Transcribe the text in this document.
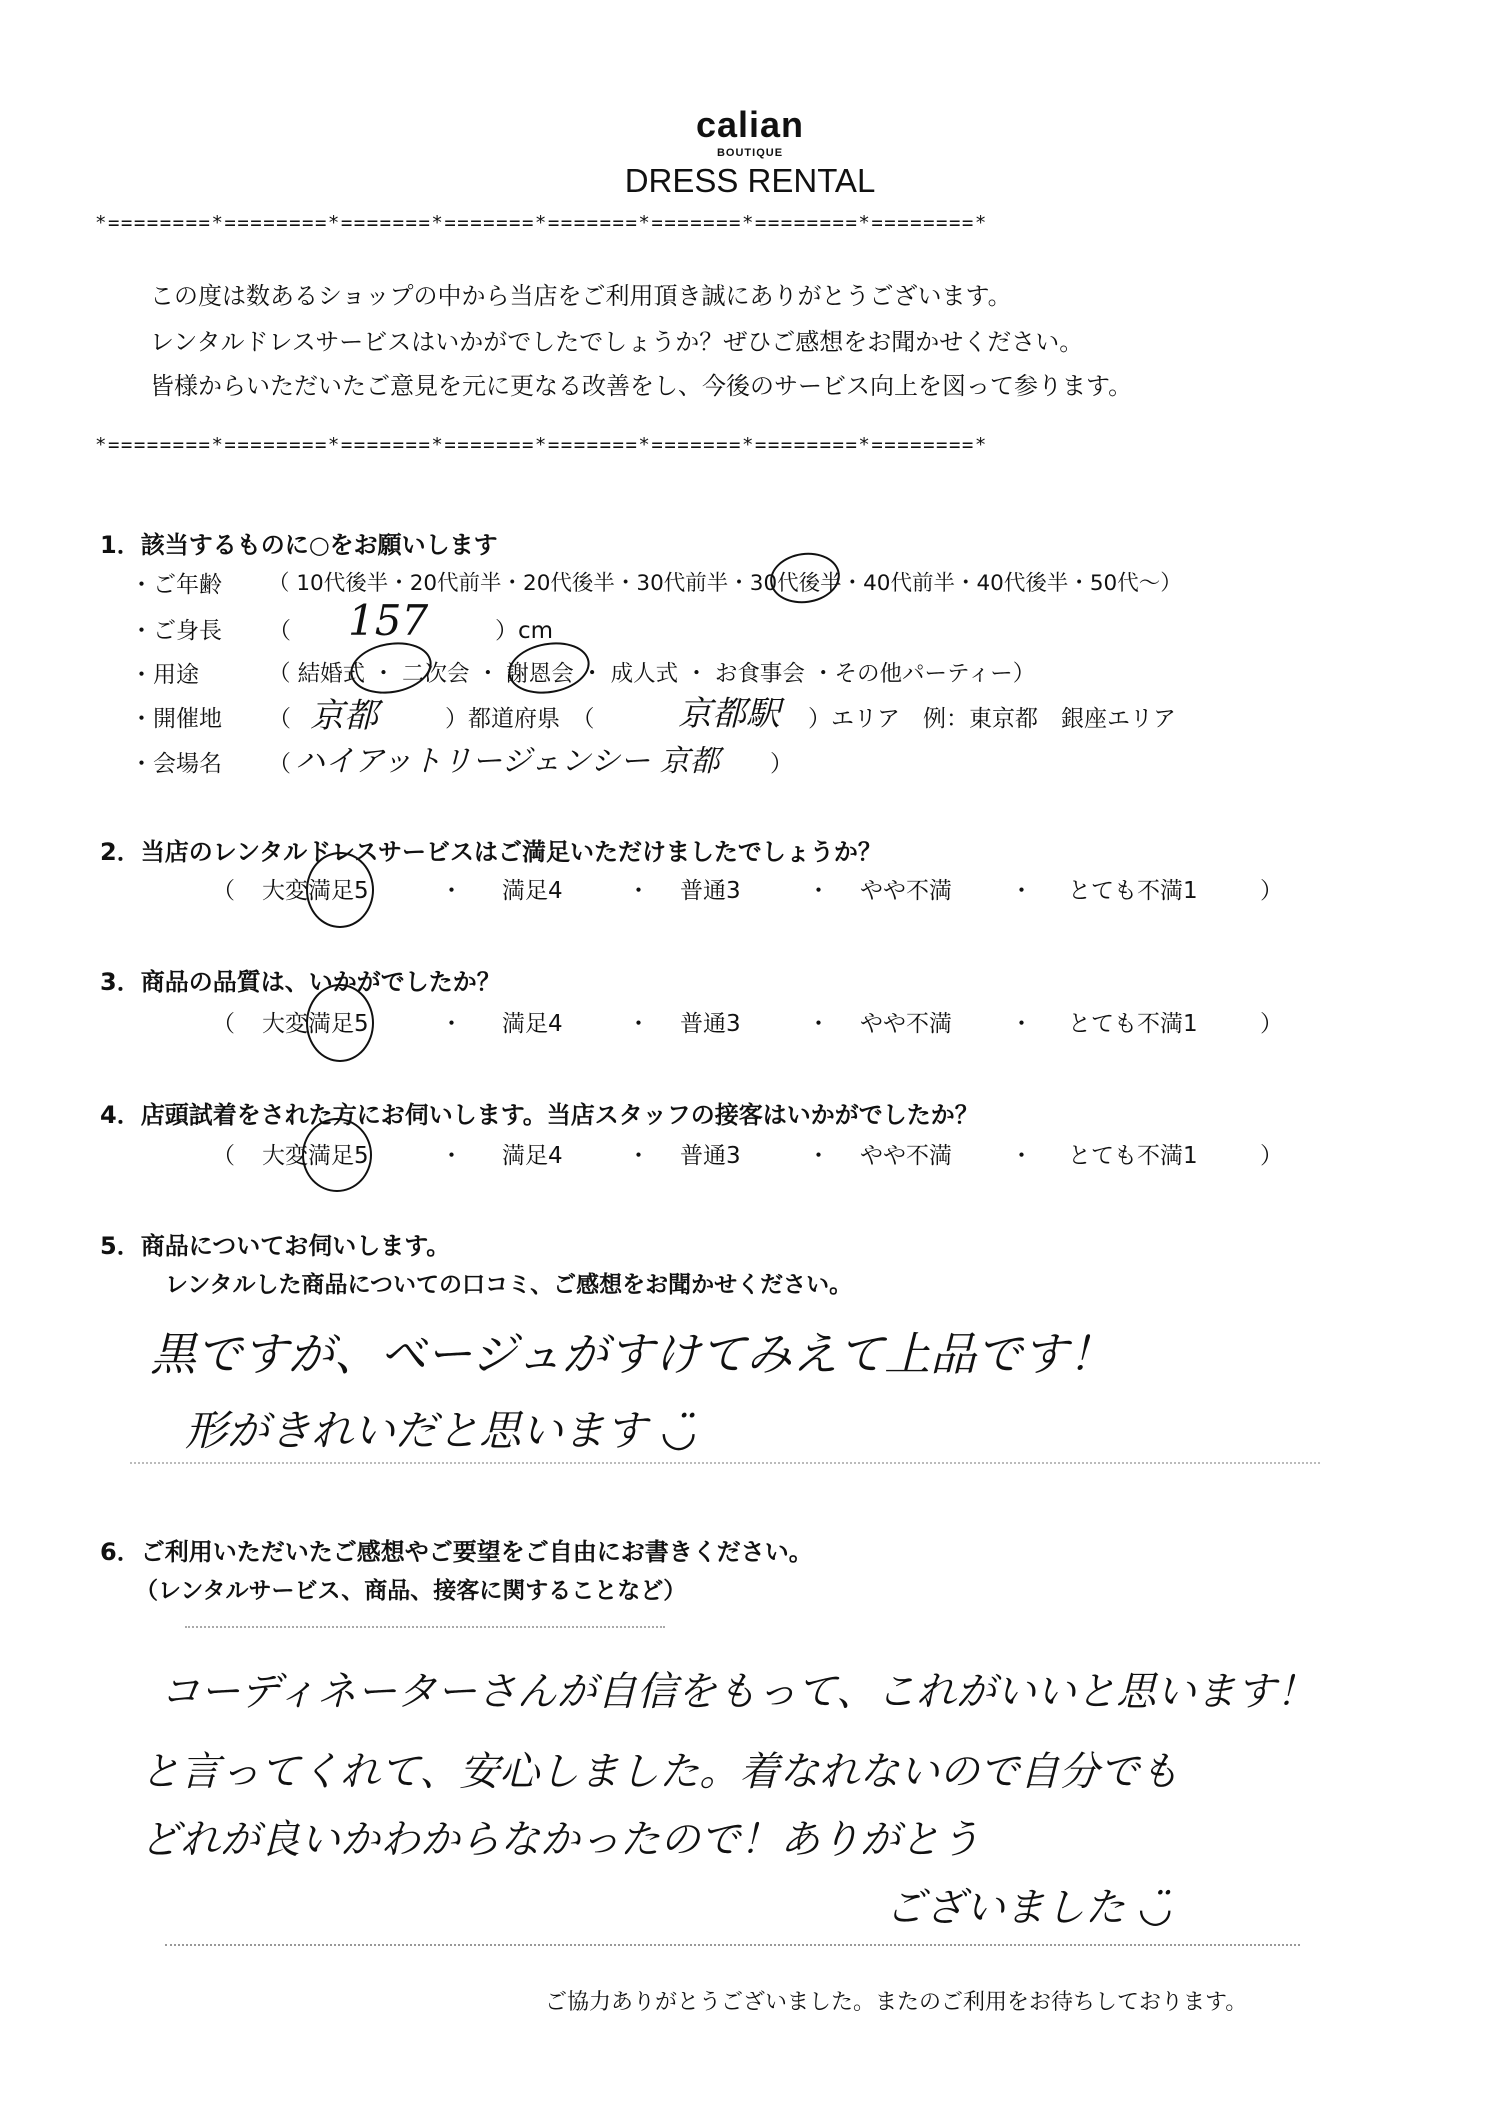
calian
BOUTIQUE
DRESS RENTAL
*========*========*=======*=======*=======*=======*========*========*
この度は数あるショップの中から当店をご利用頂き誠にありがとうございます。
レンタルドレスサービスはいかがでしたでしょうか？ぜひご感想をお聞かせください。
皆様からいただいたご意見を元に更なる改善をし、今後のサービス向上を図って参ります。
*========*========*=======*=======*=======*=======*========*========*
1．該当するものに○をお願いします
・ご年齢 （ 10代後半・20代前半・20代後半・30代前半・30代後半・40代前半・40代後半・50代〜）
・ご身長 （ 157	）cm
・用途	（ 結婚式 ・ 二次会 ・ 謝恩会 ・ 成人式 ・ お食事会 ・その他パーティー）
・開催地 （ 京都	）都道府県　（ 京都駅 ）エリア　例：東京都　銀座エリア
・会場名 （ ハイアットリージェンシー 京都 ）
2．当店のレンタルドレスサービスはご満足いただけましたでしょうか？
（ 大変満足5	・ 満足4	・ 普通3	・ やや不満	・ とても不満1	）
3．商品の品質は、いかがでしたか？
（ 大変満足5	・ 満足4	・ 普通3	・ やや不満	・ とても不満1	）
4．店頭試着をされた方にお伺いします。当店スタッフの接客はいかがでしたか？
（ 大変満足5	・ 満足4	・ 普通3	・ やや不満	・ とても不満1	）
5．商品についてお伺いします。
レンタルした商品についての口コミ、ご感想をお聞かせください。
黒ですが、ベージュがすけてみえて上品です！
形がきれいだと思います ◡̈
6．ご利用いただいたご感想やご要望をご自由にお書きください。
（レンタルサービス、商品、接客に関することなど）
コーディネーターさんが自信をもって、これがいいと思います！
と言ってくれて、安心しました。着なれないので自分でも
どれが良いかわからなかったので！ありがとう
ございました ◡̈
ご協力ありがとうございました。またのご利用をお待ちしております。
